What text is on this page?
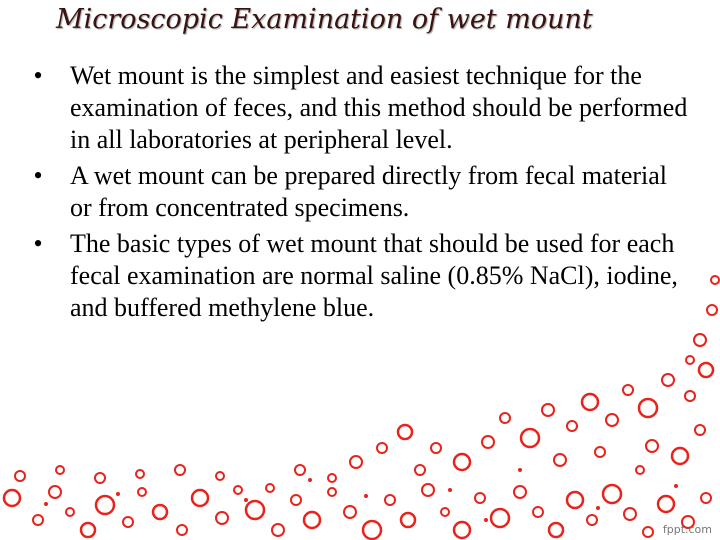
Microscopic Examination of wet mount
• Wet mount is the simplest and easiest technique for the examination of feces, and this method should be performed in all laboratories at peripheral level.
• A wet mount can be prepared directly from fecal material or from concentrated specimens.
• The basic types of wet mount that should be used for each fecal examination are normal saline (0.85% NaCl), iodine, and buffered methylene blue.
fppt.com
